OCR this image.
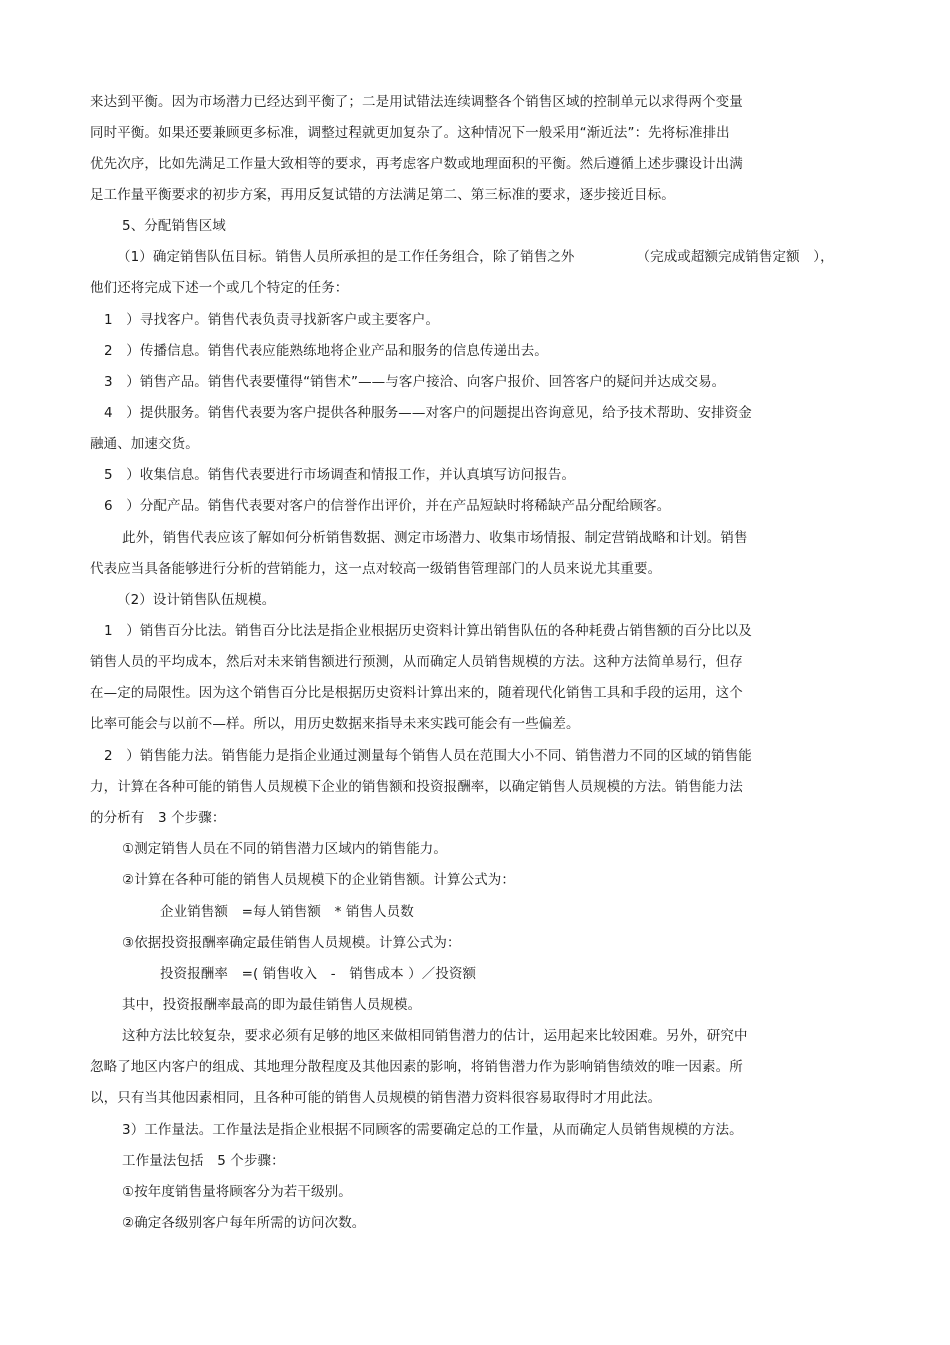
来达到平衡。因为市场潜力已经达到平衡了；二是用试错法连续调整各个销售区域的控制单元以求得两个变量
同时平衡。如果还要兼顾更多标准，调整过程就更加复杂了。这种情况下一般采用“渐近法”：先将标准排出
优先次序，比如先满足工作量大致相等的要求，再考虑客户数或地理面积的平衡。然后遵循上述步骤设计出满
足工作量平衡要求的初步方案，再用反复试错的方法满足第二、第三标准的要求，逐步接近目标。
5、分配销售区域
（1）确定销售队伍目标。销售人员所承担的是工作任务组合，除了销售之外	（完成或超额完成销售定额　），
他们还将完成下述一个或几个特定的任务：
1　）寻找客户。销售代表负责寻找新客户或主要客户。
2　）传播信息。销售代表应能熟练地将企业产品和服务的信息传递出去。
3　）销售产品。销售代表要懂得“销售术”——与客户接洽、向客户报价、回答客户的疑问并达成交易。
4　）提供服务。销售代表要为客户提供各种服务——对客户的问题提出咨询意见，给予技术帮助、安排资金
融通、加速交货。
5　）收集信息。销售代表要进行市场调查和情报工作，并认真填写访问报告。
6　）分配产品。销售代表要对客户的信誉作出评价，并在产品短缺时将稀缺产品分配给顾客。
此外，销售代表应该了解如何分析销售数据、测定市场潜力、收集市场情报、制定营销战略和计划。销售
代表应当具备能够进行分析的营销能力，这一点对较高一级销售管理部门的人员来说尤其重要。
（2）设计销售队伍规模。
1　）销售百分比法。销售百分比法是指企业根据历史资料计算出销售队伍的各种耗费占销售额的百分比以及
销售人员的平均成本，然后对未来销售额进行预测，从而确定人员销售规模的方法。这种方法简单易行，但存
在—定的局限性。因为这个销售百分比是根据历史资料计算出来的，随着现代化销售工具和手段的运用，这个
比率可能会与以前不—样。所以，用历史数据来指导未来实践可能会有一些偏差。
2　）销售能力法。销售能力是指企业通过测量每个销售人员在范围大小不同、销售潜力不同的区域的销售能
力，计算在各种可能的销售人员规模下企业的销售额和投资报酬率，以确定销售人员规模的方法。销售能力法
的分析有　3 个步骤：
①测定销售人员在不同的销售潜力区域内的销售能力。
②计算在各种可能的销售人员规模下的企业销售额。计算公式为：
企业销售额　=每人销售额　* 销售人员数
③依据投资报酬率确定最佳销售人员规模。计算公式为：
投资报酬率　=( 销售收入　-　销售成本 ）／投资额
其中，投资报酬率最高的即为最佳销售人员规模。
这种方法比较复杂，要求必须有足够的地区来做相同销售潜力的估计，运用起来比较困难。另外，研究中
忽略了地区内客户的组成、其地理分散程度及其他因素的影响，将销售潜力作为影响销售绩效的唯一因素。所
以，只有当其他因素相同，且各种可能的销售人员规模的销售潜力资料很容易取得时才用此法。
3）工作量法。工作量法是指企业根据不同顾客的需要确定总的工作量，从而确定人员销售规模的方法。
工作量法包括　5 个步骤：
①按年度销售量将顾客分为若干级别。
②确定各级别客户每年所需的访问次数。
